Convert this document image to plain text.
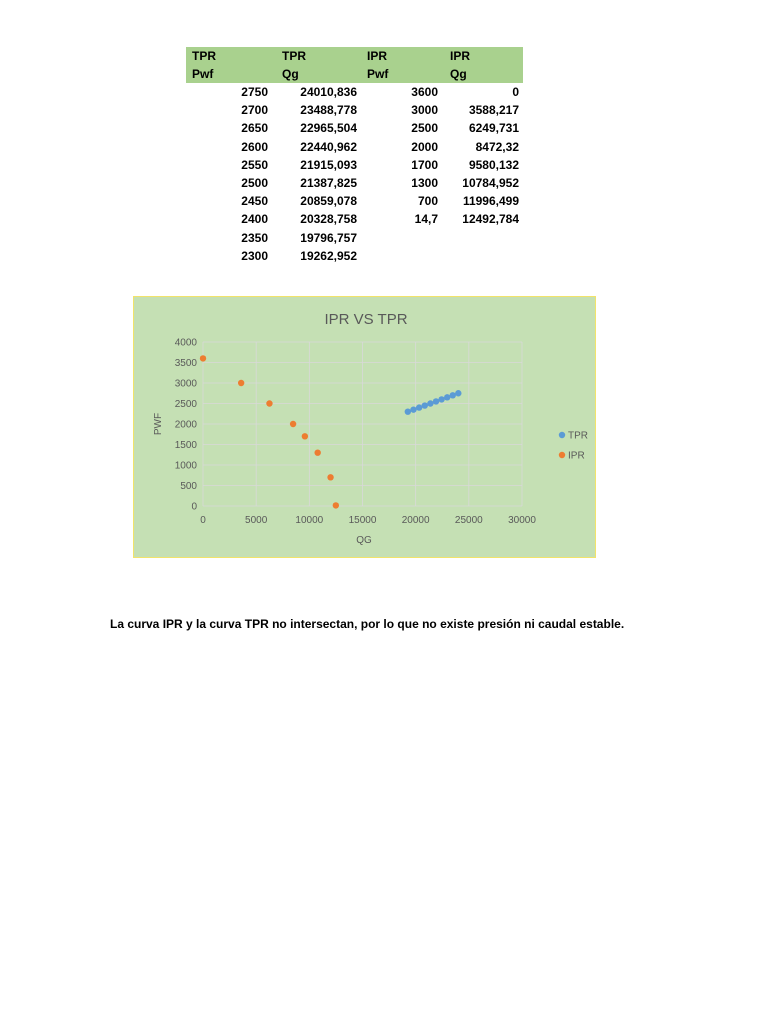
TPR	TPR	IPR	IPR
Pwf	Qg	Pwf	Qg
2750	24010,836	3600	0
2700	23488,778	3000	3588,217
2650	22965,504	2500	6249,731
2600	22440,962	2000	8472,32
2550	21915,093	1700	9580,132
2500	21387,825	1300	10784,952
2450	20859,078	700	11996,499
2400	20328,758	14,7	12492,784
2350	19796,757		
2300	19262,952		
IPR VS TPR
0
500
1000
1500
2000
2500
3000
3500
4000
0	5000	10000	15000	20000	25000	30000
QG
PWF
TPR
IPR
La curva IPR y la curva TPR no intersectan, por lo que no existe presión ni caudal estable.
